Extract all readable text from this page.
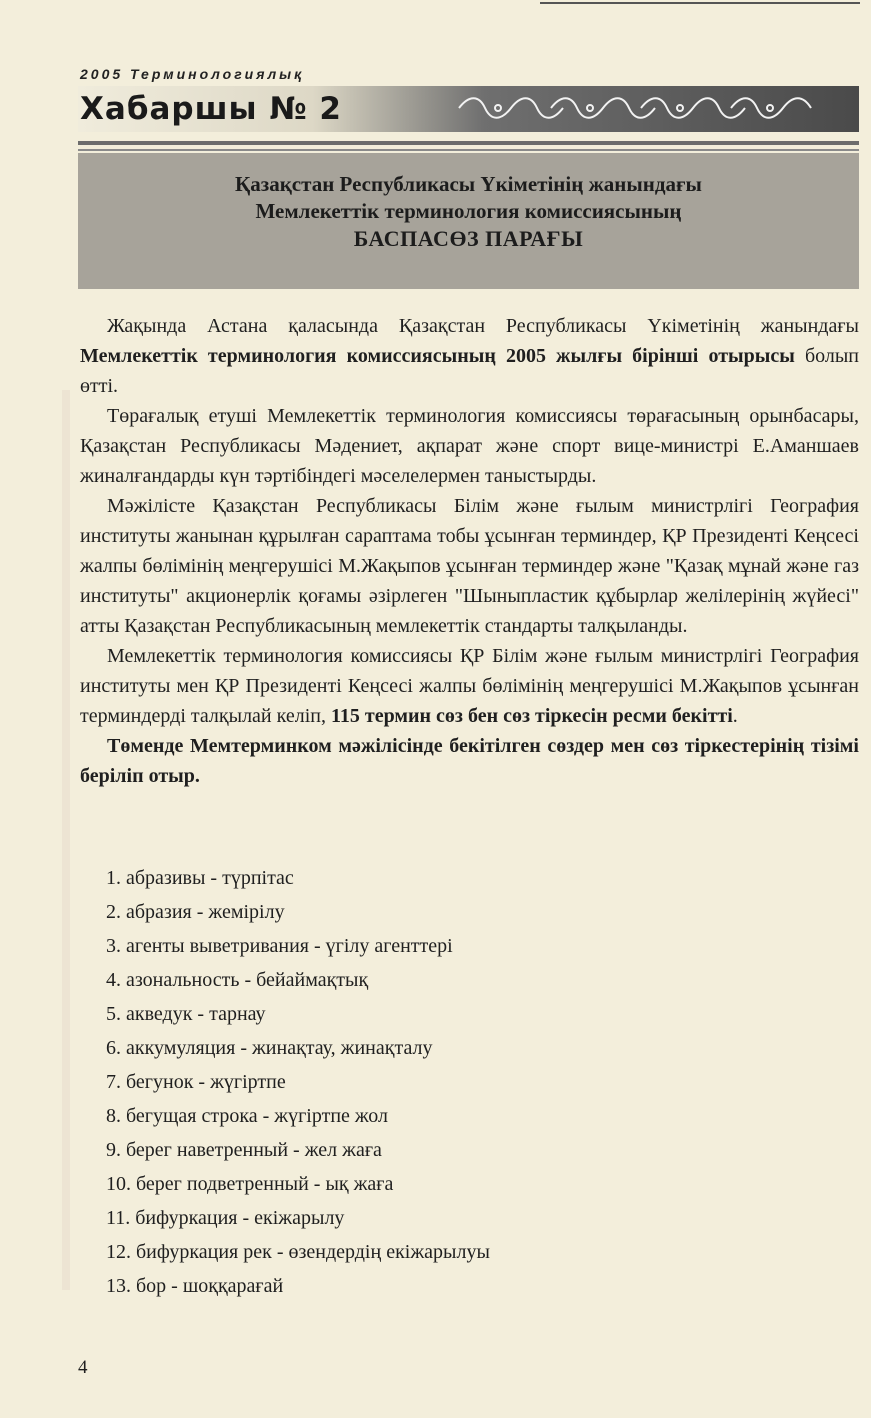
2005 Терминологиялық
Хабаршы № 2
Қазақстан Республикасы Үкіметінің жанындағы
Мемлекеттік терминология комиссиясының
БАСПАСӨЗ ПАРАҒЫ

Жақында Астана қаласында Қазақстан Республикасы Үкіметінің жанындағы Мемлекеттік терминология комиссиясының 2005 жылғы бірінші отырысы болып өтті.

Төрағалық етуші Мемлекеттік терминология комиссиясы төрағасының орынбасары, Қазақстан Республикасы Мәдениет, ақпарат және спорт вице-министрі Е.Аманшаев жиналғандарды күн тәртібіндегі мәселелермен таныстырды.

Мәжілісте Қазақстан Республикасы Білім және ғылым министрлігі География институты жанынан құрылған сараптама тобы ұсынған терминдер, ҚР Президенті Кеңсесі жалпы бөлімінің меңгерушісі М.Жақыпов ұсынған терминдер және "Қазақ мұнай және газ институты" акционерлік қоғамы әзірлеген "Шыныпластик құбырлар желілерінің жүйесі" атты Қазақстан Республикасының мемлекеттік стандарты талқыланды.

Мемлекеттік терминология комиссиясы ҚР Білім және ғылым министрлігі География институты мен ҚР Президенті Кеңсесі жалпы бөлімінің меңгерушісі М.Жақыпов ұсынған терминдерді талқылай келіп, 115 термин сөз бен сөз тіркесін ресми бекітті.

Төменде Мемтерминком мәжілісінде бекітілген сөздер мен сөз тіркестерінің тізімі беріліп отыр.

1. абразивы - түрпітас
2. абразия - жеміріл​у
3. агенты выветривания - үгілу агенттері
4. азональность - бейаймақтық
5. акведук - тарнау
6. аккумуляция - жинақтау, жинақталу
7. бегунок - жүгіртпе
8. бегущая строка - жүгіртпе жол
9. берег наветренный - жел жаға
10. берег подветренный - ық жаға
11. бифуркация - екіжарылу
12. бифуркация рек - өзендердің екіжарылуы
13. бор - шоққарағай
4
